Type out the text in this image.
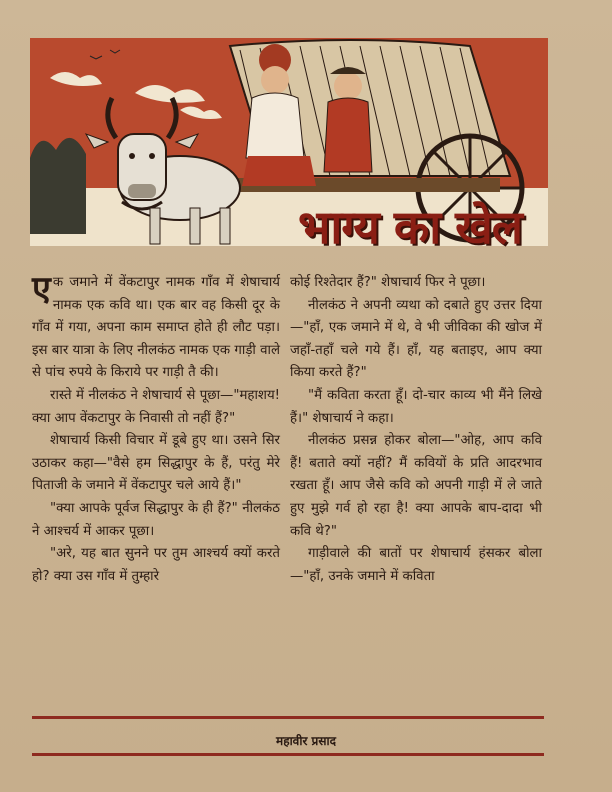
भाग्य का खेल

एक जमाने में वेंकटापुर नामक गाँव में शेषाचार्य नामक एक कवि था। एक बार वह किसी दूर के गाँव में गया, अपना काम समाप्त होते ही लौट पड़ा। इस बार यात्रा के लिए नीलकंठ नामक एक गाड़ी वाले से पांच रुपये के किराये पर गाड़ी तै की।

रास्ते में नीलकंठ ने शेषाचार्य से पूछा—"महाशय! क्या आप वेंकटापुर के निवासी तो नहीं हैं?"

शेषाचार्य किसी विचार में डूबे हुए था। उसने सिर उठाकर कहा—"वैसे हम सिद्धापुर के हैं, परंतु मेरे पिताजी के जमाने में वेंकटापुर चले आये हैं।"

"क्या आपके पूर्वज सिद्धापुर के ही हैं?" नीलकंठ ने आश्चर्य में आकर पूछा।

"अरे, यह बात सुनने पर तुम आश्चर्य क्यों करते हो? क्या उस गाँव में तुम्हारे

कोई रिश्तेदार हैं?" शेषाचार्य फिर ने पूछा।

नीलकंठ ने अपनी व्यथा को दबाते हुए उत्तर दिया—"हाँ, एक जमाने में थे, वे भी जीविका की खोज में जहाँ-तहाँ चले गये हैं। हाँ, यह बताइए, आप क्या किया करते हैं?"

"मैं कविता करता हूँ। दो-चार काव्य भी मैंने लिखे हैं।" शेषाचार्य ने कहा।

नीलकंठ प्रसन्न होकर बोला—"ओह, आप कवि हैं! बताते क्यों नहीं? मैं कवियों के प्रति आदरभाव रखता हूँ। आप जैसे कवि को अपनी गाड़ी में ले जाते हुए मुझे गर्व हो रहा है! क्या आपके बाप-दादा भी कवि थे?"

गाड़ीवाले की बातों पर शेषाचार्य हंसकर बोला—"हाँ, उनके जमाने में कविता

महावीर प्रसाद
